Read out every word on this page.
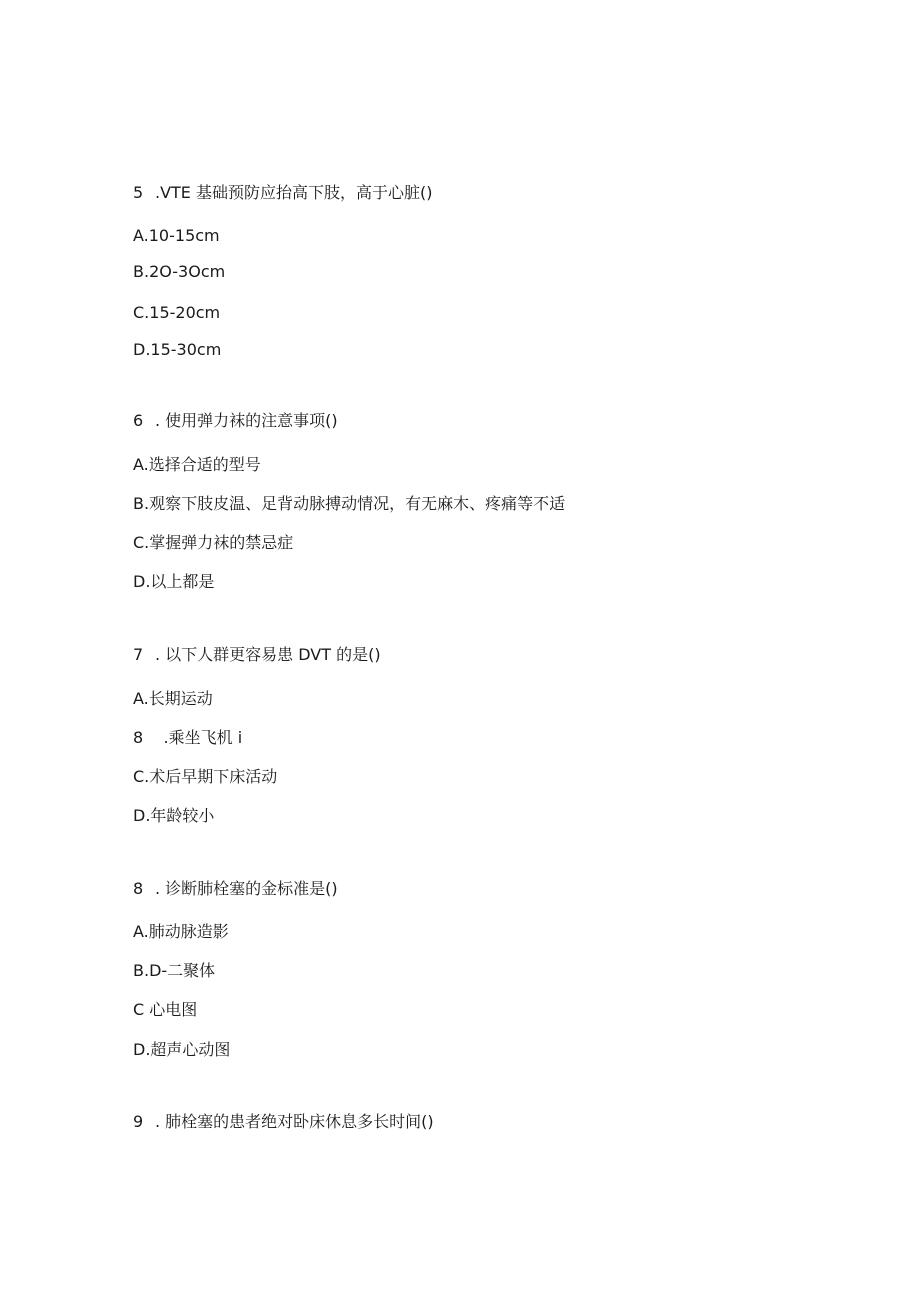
5 .VTE 基础预防应抬高下肢，高于心脏()
A.10-15cm
B.2O-3Ocm
C.15-20cm
D.15-30cm
6 . 使用弹力袜的注意事项()
A.选择合适的型号
B.观察下肢皮温、足背动脉搏动情况，有无麻木、疼痛等不适
C.掌握弹力袜的禁忌症
D.以上都是
7 . 以下人群更容易患 DVT 的是()
A.长期运动
8    .乘坐飞机 i
C.术后早期下床活动
D.年龄较小
8 . 诊断肺栓塞的金标准是()
A.肺动脉造影
B.D-二聚体
C 心电图
D.超声心动图
9 . 肺栓塞的患者绝对卧床休息多长时间()
